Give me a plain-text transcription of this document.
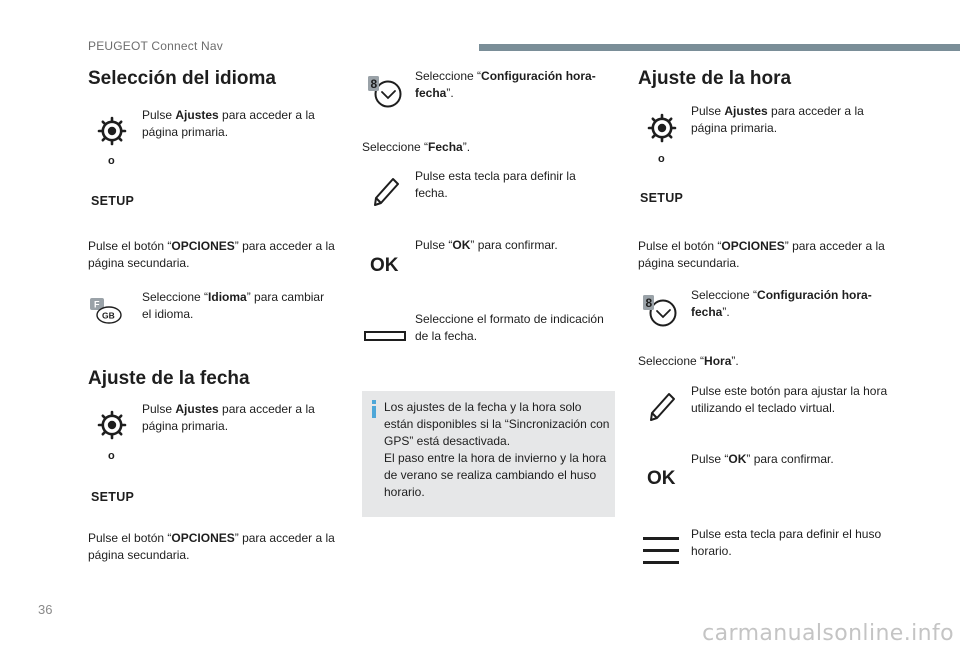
PEUGEOT Connect Nav
Selección del idioma
Pulse Ajustes para acceder a la página primaria.
o
SETUP
Pulse el botón “OPCIONES” para acceder a la página secundaria.
F
GB
Seleccione “Idioma” para cambiar el idioma.
Ajuste de la fecha
Pulse Ajustes para acceder a la página primaria.
o
SETUP
Pulse el botón “OPCIONES” para acceder a la página secundaria.
8
Seleccione “Configuración hora-fecha”.
Seleccione “Fecha”.
Pulse esta tecla para definir la fecha.
OK
Pulse “OK” para confirmar.
Seleccione el formato de indicación de la fecha.
Los ajustes de la fecha y la hora solo están disponibles si la “Sincronización con GPS” está desactivada.
El paso entre la hora de invierno y la hora de verano se realiza cambiando el huso horario.
Ajuste de la hora
Pulse Ajustes para acceder a la página primaria.
o
SETUP
Pulse el botón “OPCIONES” para acceder a la página secundaria.
8
Seleccione “Configuración hora-fecha”.
Seleccione “Hora”.
Pulse este botón para ajustar la hora utilizando el teclado virtual.
OK
Pulse “OK” para confirmar.
Pulse esta tecla para definir el huso horario.
36
carmanualsonline.info
